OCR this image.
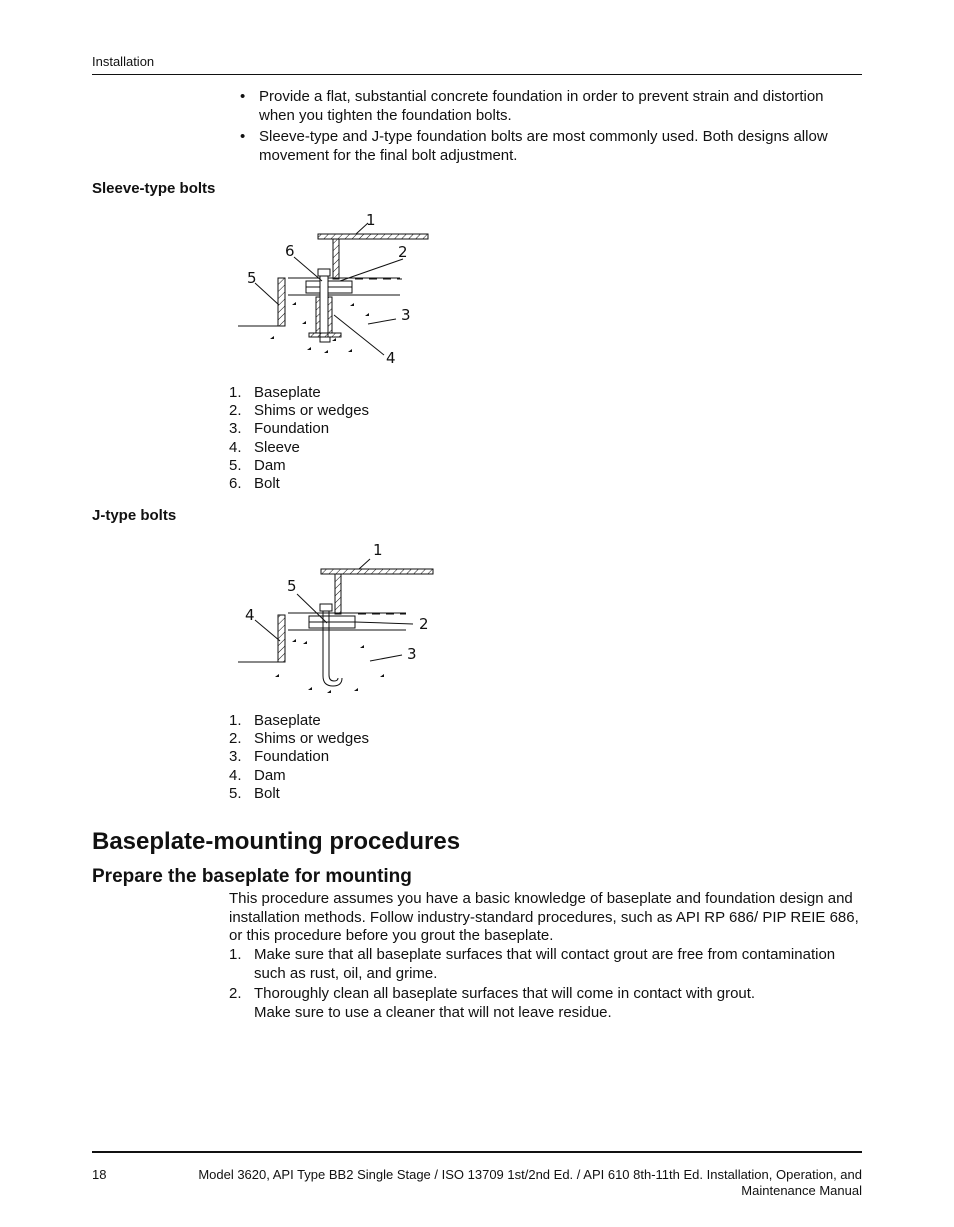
Installation
• Provide a flat, substantial concrete foundation in order to prevent strain and distortion when you tighten the foundation bolts.
• Sleeve-type and J-type foundation bolts are most commonly used. Both designs allow movement for the final bolt adjustment.
Sleeve-type bolts
1
2
3
4
5
6
1. Baseplate
2. Shims or wedges
3. Foundation
4. Sleeve
5. Dam
6. Bolt
J-type bolts
1
2
3
4
5
1. Baseplate
2. Shims or wedges
3. Foundation
4. Dam
5. Bolt
Baseplate-mounting procedures
Prepare the baseplate for mounting
This procedure assumes you have a basic knowledge of baseplate and foundation design and installation methods. Follow industry-standard procedures, such as API RP 686/ PIP REIE 686, or this procedure before you grout the baseplate.
1. Make sure that all baseplate surfaces that will contact grout are free from contamination such as rust, oil, and grime.
2. Thoroughly clean all baseplate surfaces that will come in contact with grout.
Make sure to use a cleaner that will not leave residue.
18	Model 3620, API Type BB2 Single Stage / ISO 13709 1st/2nd Ed. / API 610 8th-11th Ed. Installation, Operation, and Maintenance Manual
